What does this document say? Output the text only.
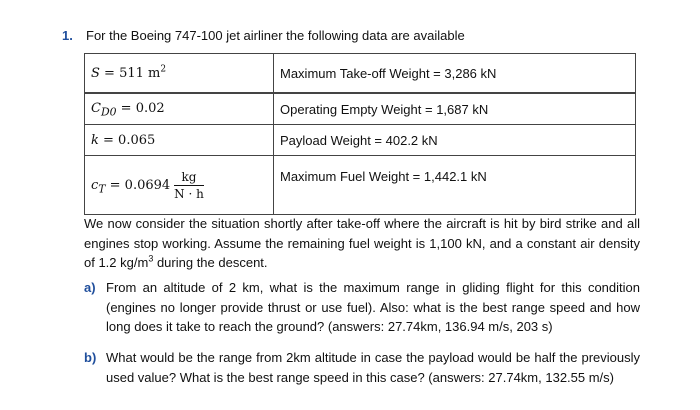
1. For the Boeing 747-100 jet airliner the following data are available
S = 511 $m^2$	Maximum Take-off Weight = 3,286 kN
$C_{D0} = 0.02$	Operating Empty Weight = 1,687 kN
k = 0.065	Payload Weight = 402.2 kN
$c_T = 0.0694 \frac{kg}{N \cdot h}$	Maximum Fuel Weight = 1,442.1 kN

We now consider the situation shortly after take-off where the aircraft is hit by bird strike and all engines stop working. Assume the remaining fuel weight is 1,100 kN, and a constant air density of 1.2 $kg/m^3$ during the descent.

a) From an altitude of 2 km, what is the maximum range in gliding flight for this condition (engines no longer provide thrust or use fuel). Also: what is the best range speed and how long does it take to reach the ground? (answers: 27.74km, 136.94 m/s, 203 s)
b) What would be the range from 2km altitude in case the payload would be half the previously used value? What is the best range speed in this case? (answers: 27.74km, 132.55 m/s)
